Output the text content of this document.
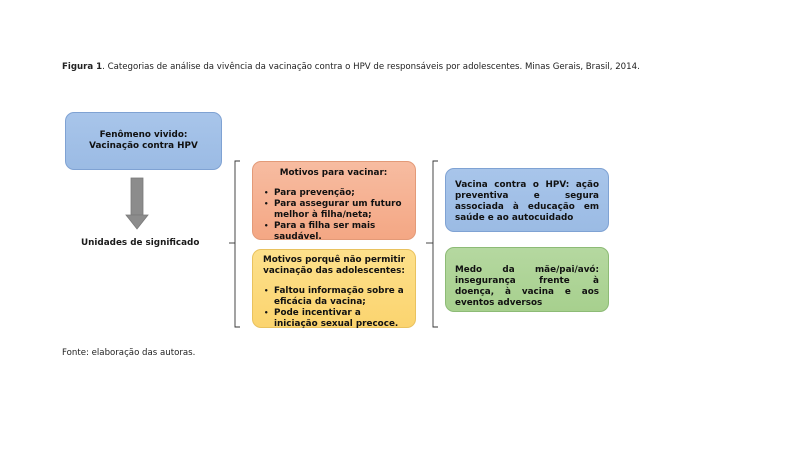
Figura 1. Categorias de análise da vivência da vacinação contra o HPV de responsáveis por adolescentes. Minas Gerais, Brasil, 2014.
Fenômeno vivido:
Vacinação contra HPV
Unidades de significado
Motivos para vacinar:
• Para prevenção;
• Para assegurar um futuro melhor à filha/neta;
• Para a filha ser mais saudável.
Motivos porquê não permitir vacinação das adolescentes:
• Faltou informação sobre a eficácia da vacina;
• Pode incentivar a iniciação sexual precoce.
Vacina contra o HPV: ação preventiva e segura associada à educação em saúde e ao autocuidado
Medo da mãe/pai/avó: insegurança frente à doença, à vacina e aos eventos adversos
Fonte: elaboração das autoras.
